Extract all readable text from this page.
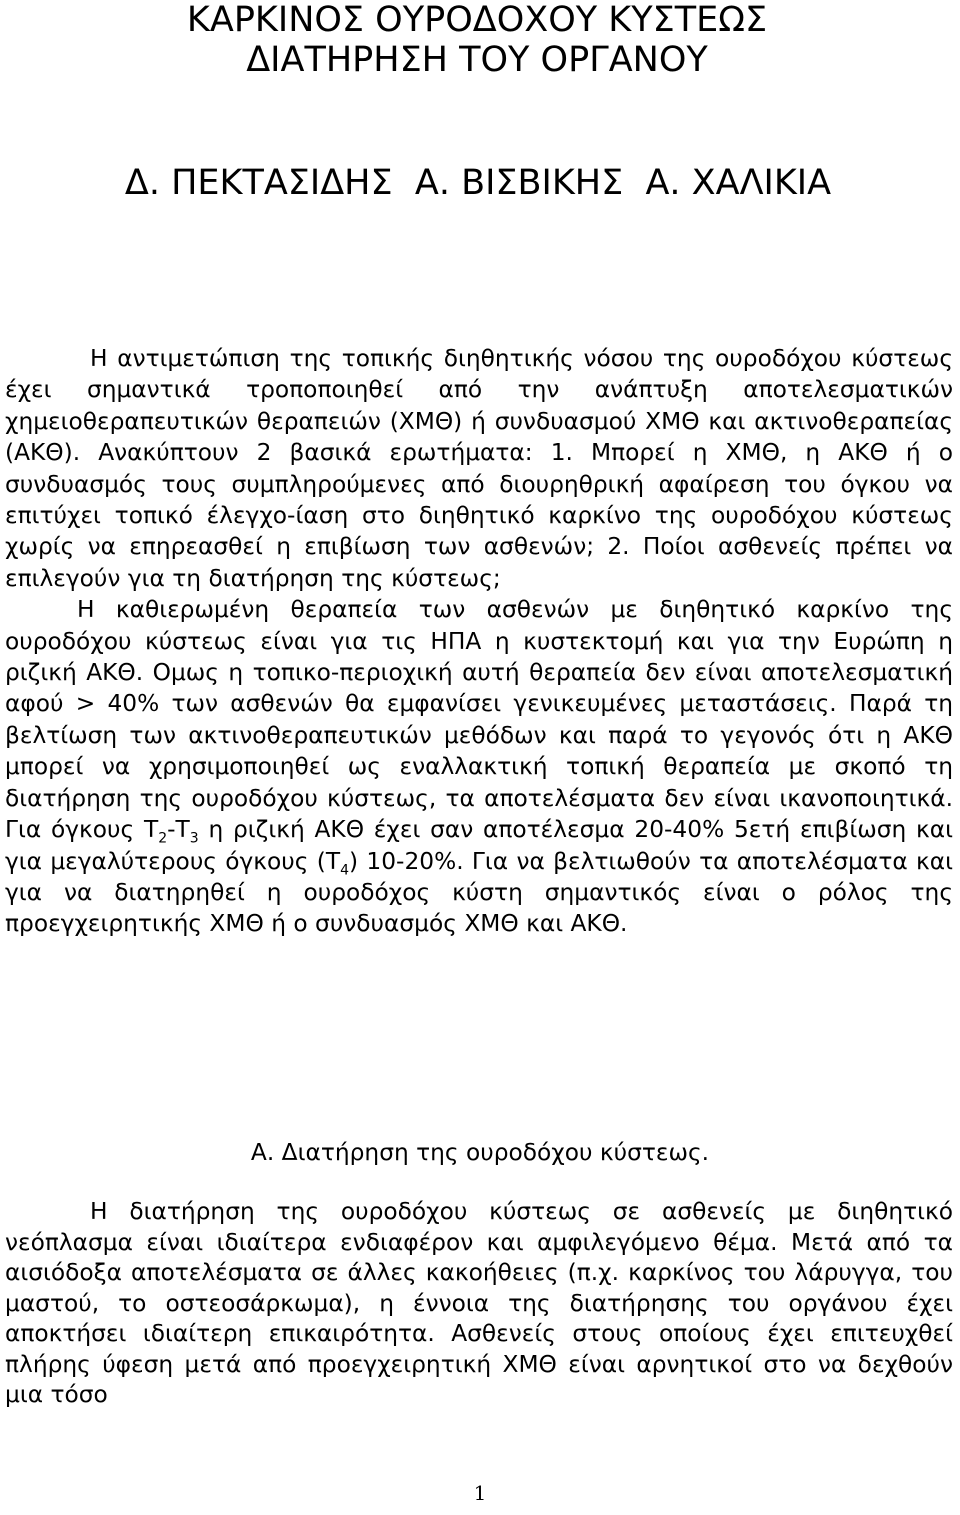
ΚΑΡΚΙΝΟΣ ΟΥΡΟΔΟΧΟΥ ΚΥΣΤΕΩΣ
ΔΙΑΤΗΡΗΣΗ ΤΟΥ ΟΡΓΑΝΟΥ
Δ. ΠΕΚΤΑΣΙΔΗΣ  Α. ΒΙΣΒΙΚΗΣ  Α. ΧΑΛΙΚΙΑ

Η αντιμετώπιση της τοπικής διηθητικής νόσου της ουροδόχου κύστεως έχει σημαντικά τροποποιηθεί από την ανάπτυξη αποτελεσματικών χημειοθεραπευτικών θεραπειών (ΧΜΘ) ή συνδυασμού ΧΜΘ και ακτινοθεραπείας (ΑΚΘ). Ανακύπτουν 2 βασικά ερωτήματα: 1. Μπορεί η ΧΜΘ, η ΑΚΘ ή ο συνδυασμός τους συμπληρούμενες από διουρηθρική αφαίρεση του όγκου να επιτύχει τοπικό έλεγχο-ίαση στο διηθητικό καρκίνο της ουροδόχου κύστεως χωρίς να επηρεασθεί η επιβίωση των ασθενών; 2. Ποίοι ασθενείς πρέπει να επιλεγούν για τη διατήρηση της κύστεως;

Η καθιερωμένη θεραπεία των ασθενών με διηθητικό καρκίνο της ουροδόχου κύστεως είναι για τις ΗΠΑ η κυστεκτομή και για την Ευρώπη η ριζική ΑΚΘ. Ομως η τοπικο-περιοχική αυτή θεραπεία δεν είναι αποτελεσματική αφού > 40% των ασθενών θα εμφανίσει γενικευμένες μεταστάσεις. Παρά τη βελτίωση των ακτινοθεραπευτικών μεθόδων και παρά το γεγονός ότι η ΑΚΘ μπορεί να χρησιμοποιηθεί ως εναλλακτική τοπική θεραπεία με σκοπό τη διατήρηση της ουροδόχου κύστεως, τα αποτελέσματα δεν είναι ικανοποιητικά. Για όγκους $T_2-T_3$ η ριζική ΑΚΘ έχει σαν αποτέλεσμα 20-40% 5ετή επιβίωση και για μεγαλύτερους όγκους $(T_4)$ 10-20%. Για να βελτιωθούν τα αποτελέσματα και για να διατηρηθεί η ουροδόχος κύστη σημαντικός είναι ο ρόλος της προεγχειρητικής ΧΜΘ ή ο συνδυασμός ΧΜΘ και ΑΚΘ.

Α. Διατήρηση της ουροδόχου κύστεως.

Η διατήρηση της ουροδόχου κύστεως σε ασθενείς με διηθητικό νεόπλασμα είναι ιδιαίτερα ενδιαφέρον και αμφιλεγόμενο θέμα. Μετά από τα αισιόδοξα αποτελέσματα σε άλλες κακοήθειες (π.χ. καρκίνος του λάρυγγα, του μαστού, το οστεοσάρκωμα), η έννοια της διατήρησης του οργάνου έχει αποκτήσει ιδιαίτερη επικαιρότητα. Ασθενείς στους οποίους έχει επιτευχθεί πλήρης ύφεση μετά από προεγχειρητική ΧΜΘ είναι αρνητικοί στο να δεχθούν μια τόσο

1
